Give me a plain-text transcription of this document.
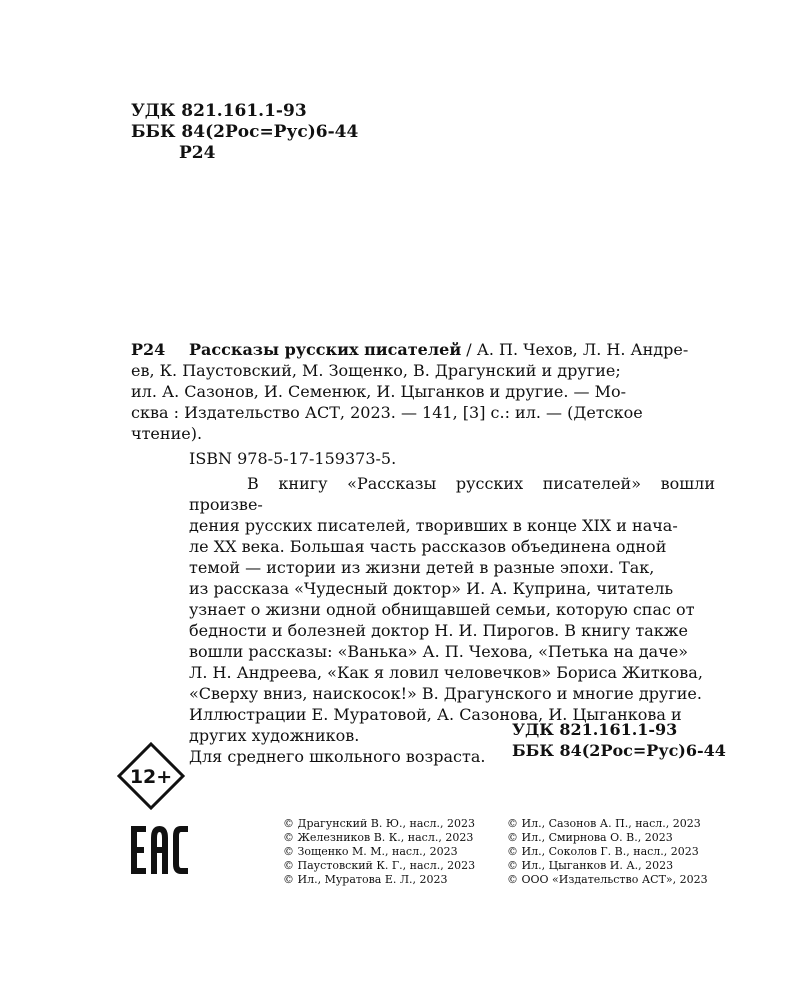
УДК 821.161.1-93
ББК 84(2Рос=Рус)6-44
Р24
Р24 Рассказы русских писателей / А. П. Чехов, Л. Н. Андре-
ев, К. Паустовский, М. Зощенко, В. Драгунский и другие;
ил. А. Сазонов, И. Семенюк, И. Цыганков и другие. — Мо-
сква : Издательство АСТ, 2023. — 141, [3] с.: ил. — (Детское
чтение).
ISBN 978-5-17-159373-5.
В книгу «Рассказы русских писателей» вошли произве-
дения русских писателей, творивших в конце XIX и нача-
ле XX века. Большая часть рассказов объединена одной
темой — истории из жизни детей в разные эпохи. Так,
из рассказа «Чудесный доктор» И. А. Куприна, читатель
узнает о жизни одной обнищавшей семьи, которую спас от
бедности и болезней доктор Н. И. Пирогов. В книгу также
вошли рассказы: «Ванька» А. П. Чехова, «Петька на даче»
Л. Н. Андреева, «Как я ловил человечков» Бориса Житкова,
«Сверху вниз, наискосок!» В. Драгунского и многие другие.
Иллюстрации Е. Муратовой, А. Сазонова, И. Цыганкова и
других художников.
Для среднего школьного возраста.
УДК 821.161.1-93
ББК 84(2Рос=Рус)6-44
12+
© Драгунский В. Ю., насл., 2023
© Железников В. К., насл., 2023
© Зощенко М. М., насл., 2023
© Паустовский К. Г., насл., 2023
© Ил., Муратова Е. Л., 2023
© Ил., Сазонов А. П., насл., 2023
© Ил., Смирнова О. В., 2023
© Ил., Соколов Г. В., насл., 2023
© Ил., Цыганков И. А., 2023
© ООО «Издательство АСТ», 2023
